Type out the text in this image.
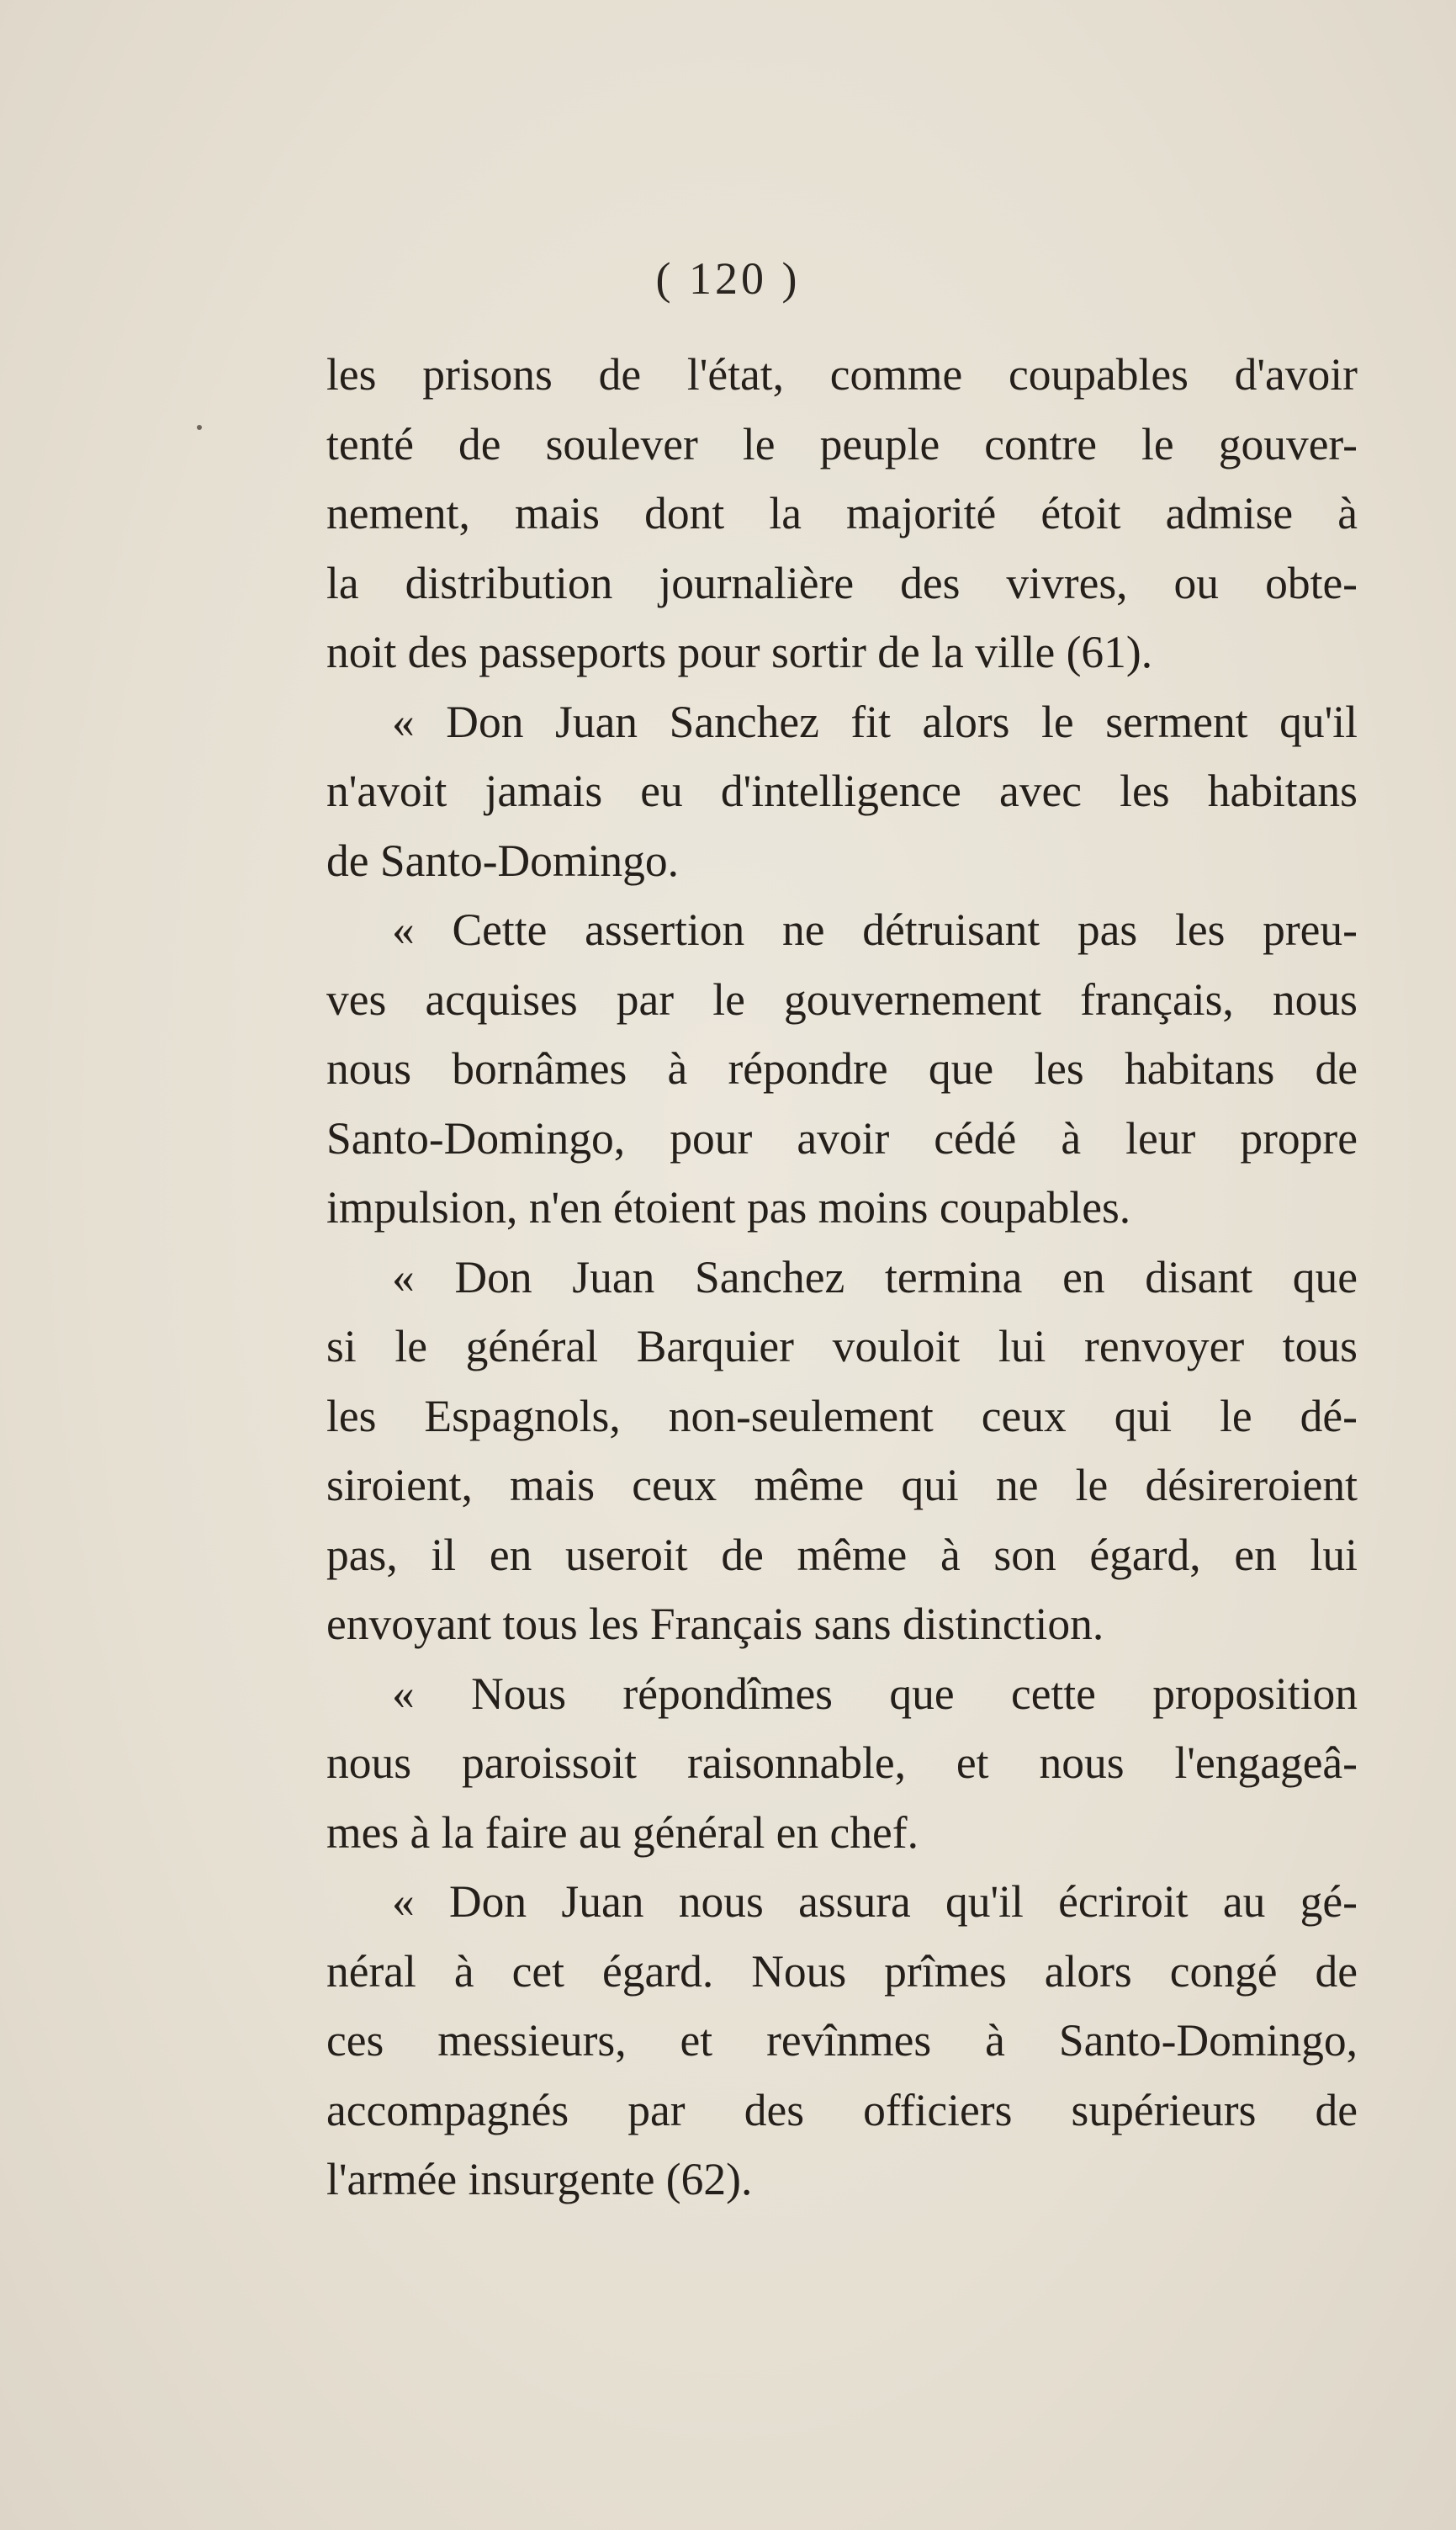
( 120 )
les prisons de l'état, comme coupables d'avoir
tenté de soulever le peuple contre le gouver-
nement, mais dont la majorité étoit admise à
la distribution journalière des vivres, ou obte-
noit des passeports pour sortir de la ville (61).
« Don Juan Sanchez fit alors le serment qu'il
n'avoit jamais eu d'intelligence avec les habitans
de Santo-Domingo.
« Cette assertion ne détruisant pas les preu-
ves acquises par le gouvernement français, nous
nous bornâmes à répondre que les habitans de
Santo-Domingo, pour avoir cédé à leur propre
impulsion, n'en étoient pas moins coupables.
« Don Juan Sanchez termina en disant que
si le général Barquier vouloit lui renvoyer tous
les Espagnols, non-seulement ceux qui le dé-
siroient, mais ceux même qui ne le désireroient
pas, il en useroit de même à son égard, en lui
envoyant tous les Français sans distinction.
« Nous répondîmes que cette proposition
nous paroissoit raisonnable, et nous l'engageâ-
mes à la faire au général en chef.
« Don Juan nous assura qu'il écriroit au gé-
néral à cet égard. Nous prîmes alors congé de
ces messieurs, et revînmes à Santo-Domingo,
accompagnés par des officiers supérieurs de
l'armée insurgente (62).
